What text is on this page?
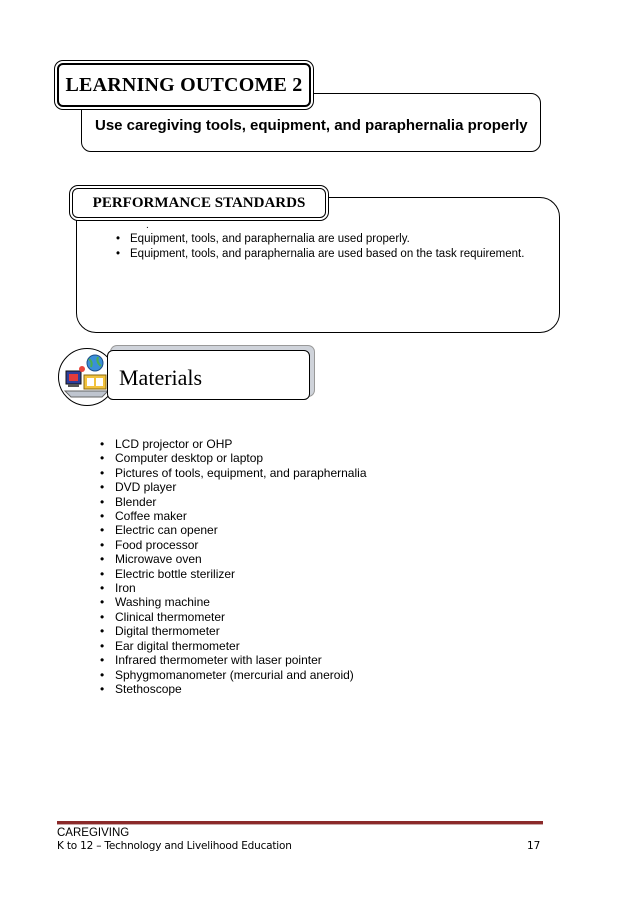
LEARNING OUTCOME 2
Use caregiving tools, equipment, and paraphernalia properly
PERFORMANCE STANDARDS
.
• Equipment, tools, and paraphernalia are used properly.
• Equipment, tools, and paraphernalia are used based on the task requirement.
Materials
• LCD projector or OHP
• Computer desktop or laptop
• Pictures of tools, equipment, and paraphernalia
• DVD player
• Blender
• Coffee maker
• Electric can opener
• Food processor
• Microwave oven
• Electric bottle sterilizer
• Iron
• Washing machine
• Clinical thermometer
• Digital thermometer
• Ear digital thermometer
• Infrared thermometer with laser pointer
• Sphygmomanometer (mercurial and aneroid)
• Stethoscope
CAREGIVING
K to 12 – Technology and Livelihood Education	17
